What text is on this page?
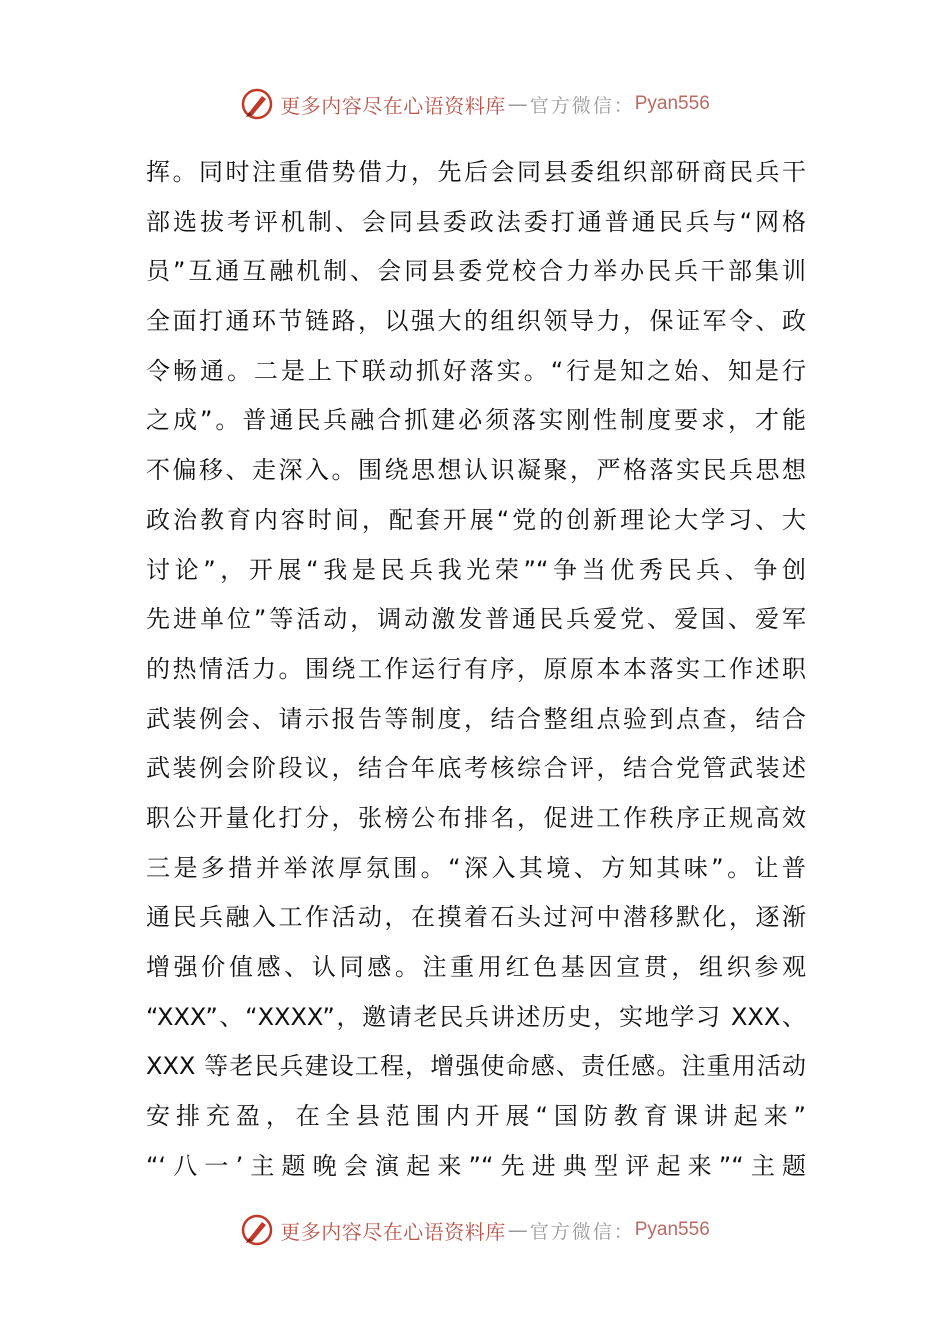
更多内容尽在心语资料库 — 官方微信： Pyan556
挥。同时注重借势借力，先后会同县委组织部研商民兵干
部选拔考评机制、会同县委政法委打通普通民兵与“网格
员”互通互融机制、会同县委党校合力举办民兵干部集训
全面打通环节链路，以强大的组织领导力，保证军令、政
令畅通。二是上下联动抓好落实。“行是知之始、知是行
之成”。普通民兵融合抓建必须落实刚性制度要求，才能
不偏移、走深入。围绕思想认识凝聚，严格落实民兵思想
政治教育内容时间，配套开展“党的创新理论大学习、大
讨论”，开展“我是民兵我光荣”“争当优秀民兵、争创
先进单位”等活动，调动激发普通民兵爱党、爱国、爱军
的热情活力。围绕工作运行有序，原原本本落实工作述职
武装例会、请示报告等制度，结合整组点验到点查，结合
武装例会阶段议，结合年底考核综合评，结合党管武装述
职公开量化打分，张榜公布排名，促进工作秩序正规高效
三是多措并举浓厚氛围。“深入其境、方知其味”。让普
通民兵融入工作活动，在摸着石头过河中潜移默化，逐渐
增强价值感、认同感。注重用红色基因宣贯，组织参观
“XXX”、“XXXX”，邀请老民兵讲述历史，实地学习 XXX、
XXX 等老民兵建设工程，增强使命感、责任感。注重用活动
安排充盈，在全县范围内开展“国防教育课讲起来”
“‘八一’主题晚会演起来”“先进典型评起来”“主题
更多内容尽在心语资料库 — 官方微信： Pyan556
